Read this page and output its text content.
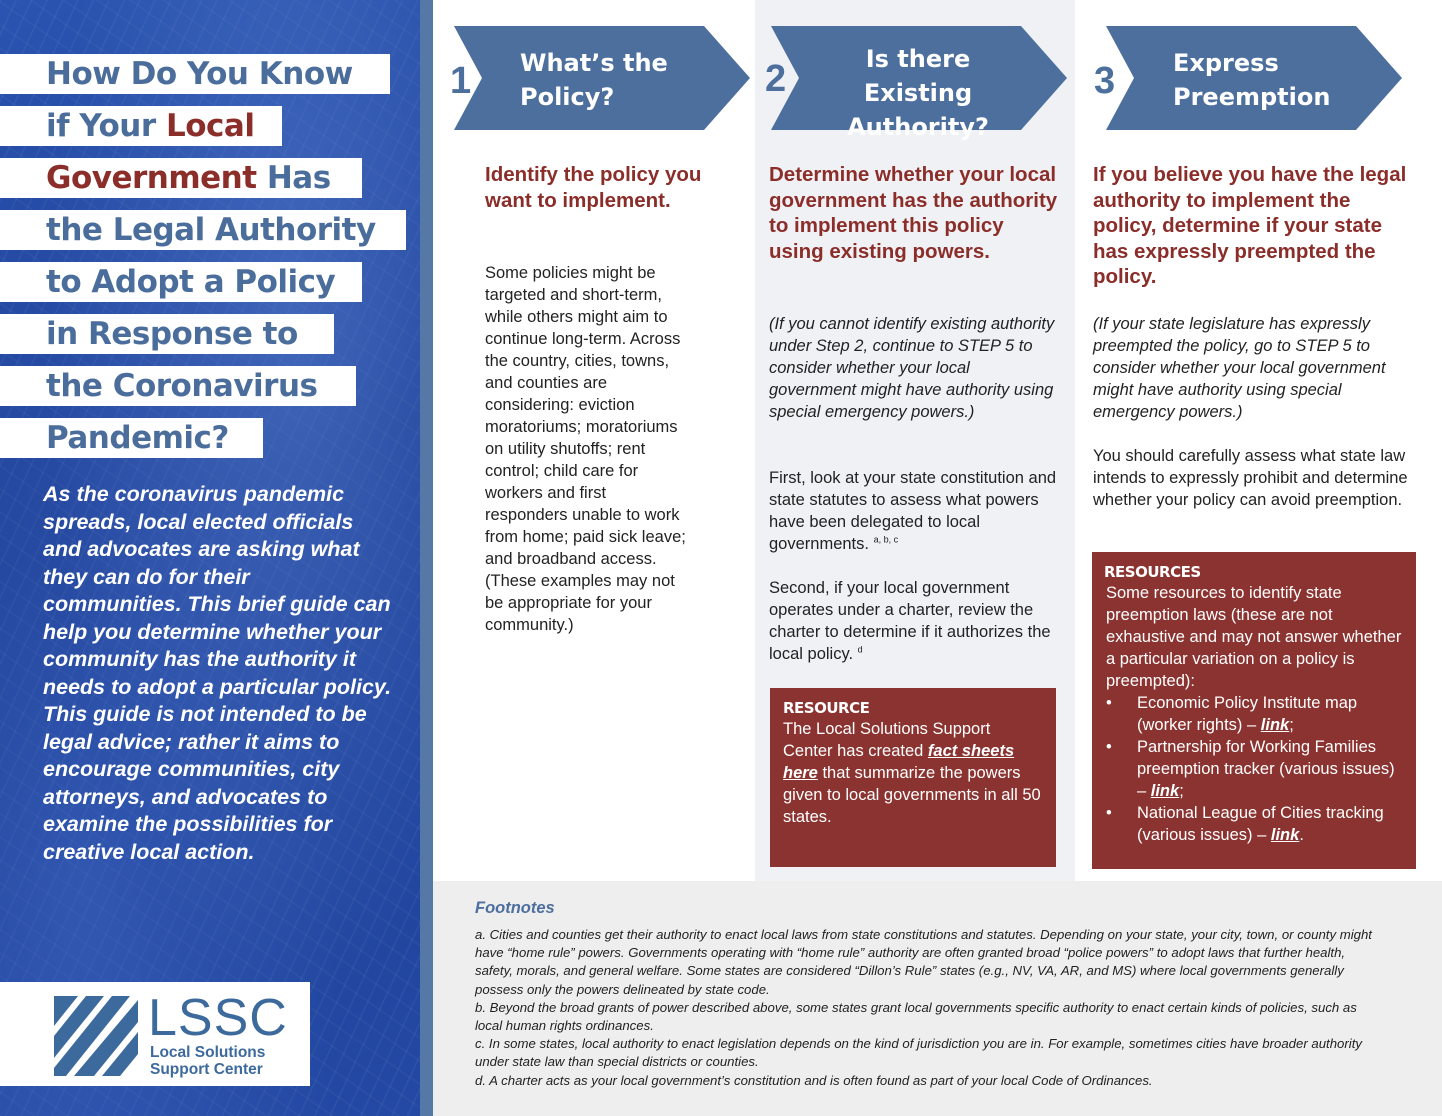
How Do You Know
if Your Local
Government Has
the Legal Authority
to Adopt a Policy
in Response to
the Coronavirus
Pandemic?
As the coronavirus pandemic spreads, local elected officials and advocates are asking what they can do for their communities. This brief guide can help you determine whether your community has the authority it needs to adopt a particular policy. This guide is not intended to be legal advice; rather it aims to encourage communities, city attorneys, and advocates to examine the possibilities for creative local action.
LSSC
Local Solutions
Support Center
1 What’s the
Policy?	2	Is there Existing
Authority?
3 Express
Preemption
Identify the policy you want to implement.
Some policies might be targeted and short-term, while others might aim to continue long-term. Across the country, cities, towns, and counties are considering: eviction moratoriums; moratoriums on utility shutoffs; rent control; child care for workers and first responders unable to work from home; paid sick leave; and broadband access. (These examples may not be appropriate for your community.)
Determine whether your local government has the authority to implement this policy using existing powers.
(If you cannot identify existing authority under Step 2, continue to STEP 5 to consider whether your local government might have authority using special emergency powers.)
First, look at your state constitution and state statutes to assess what powers have been delegated to local governments. $^{a, b, c}$
Second, if your local government operates under a charter, review the charter to determine if it authorizes the local policy. $^d$
RESOURCE
The Local Solutions Support Center has created fact sheets here that summarize the powers given to local governments in all 50 states.
If you believe you have the legal authority to implement the policy, determine if your state has expressly preempted the policy.
(If your state legislature has expressly preempted the policy, go to STEP 5 to consider whether your local government might have authority using special emergency powers.)
You should carefully assess what state law intends to expressly prohibit and determine whether your policy can avoid preemption.
RESOURCES
Some resources to identify state preemption laws (these are not exhaustive and may not answer whether a particular variation on a policy is preempted):
• Economic Policy Institute map (worker rights) – link;
• Partnership for Working Families preemption tracker (various issues) – link;
• National League of Cities tracking (various issues) – link.
Footnotes
a. Cities and counties get their authority to enact local laws from state constitutions and statutes. Depending on your state, your city, town, or county might have “home rule” powers. Governments operating with “home rule” authority are often granted broad “police powers” to adopt laws that further health, safety, morals, and general welfare. Some states are considered “Dillon’s Rule” states (e.g., NV, VA, AR, and MS) where local governments generally possess only the powers delineated by state code.
b. Beyond the broad grants of power described above, some states grant local governments specific authority to enact certain kinds of policies, such as local human rights ordinances.
c. In some states, local authority to enact legislation depends on the kind of jurisdiction you are in. For example, sometimes cities have broader authority under state law than special districts or counties.
d. A charter acts as your local government’s constitution and is often found as part of your local Code of Ordinances.
